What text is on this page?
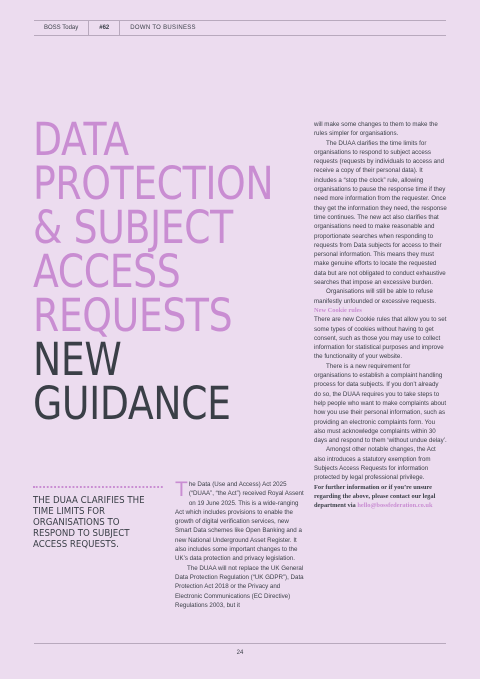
BOSS Today	#62	DOWN TO BUSINESS
DATA
PROTECTION
& SUBJECT
ACCESS
REQUESTS
NEW
GUIDANCE
THE DUAA CLARIFIES THE TIME LIMITS FOR ORGANISATIONS TO RESPOND TO SUBJECT ACCESS REQUESTS.

The Data (Use and Access) Act 2025 (“DUAA”, “the Act”) received Royal Assent on 19 June 2025. This is a wide-ranging Act which includes provisions to enable the growth of digital verification services, new Smart Data schemes like Open Banking and a new National Underground Asset Register. It also includes some important changes to the UK’s data protection and privacy legislation.

The DUAA will not replace the UK General Data Protection Regulation (“UK GDPR”), Data Protection Act 2018 or the Privacy and Electronic Communications (EC Directive) Regulations 2003, but it

will make some changes to them to make the rules simpler for organisations.

The DUAA clarifies the time limits for organisations to respond to subject access requests (requests by individuals to access and receive a copy of their personal data). It includes a “stop the clock” rule, allowing organisations to pause the response time if they need more information from the requester. Once they get the information they need, the response time continues. The new act also clarifies that organisations need to make reasonable and proportionate searches when responding to requests from Data subjects for access to their personal information. This means they must make genuine efforts to locate the requested data but are not obligated to conduct exhaustive searches that impose an excessive burden.

Organisations will still be able to refuse manifestly unfounded or excessive requests.

New Cookie rules

There are new Cookie rules that allow you to set some types of cookies without having to get consent, such as those you may use to collect information for statistical purposes and improve the functionality of your website.

There is a new requirement for organisations to establish a complaint handling process for data subjects. If you don’t already do so, the DUAA requires you to take steps to help people who want to make complaints about how you use their personal information, such as providing an electronic complaints form. You also must acknowledge complaints within 30 days and respond to them ‘without undue delay’.

Amongst other notable changes, the Act also introduces a statutory exemption from Subjects Access Requests for information protected by legal professional privilege.

For further information or if you’re unsure regarding the above, please contact our legal department via hello@bossfederation.co.uk

24
